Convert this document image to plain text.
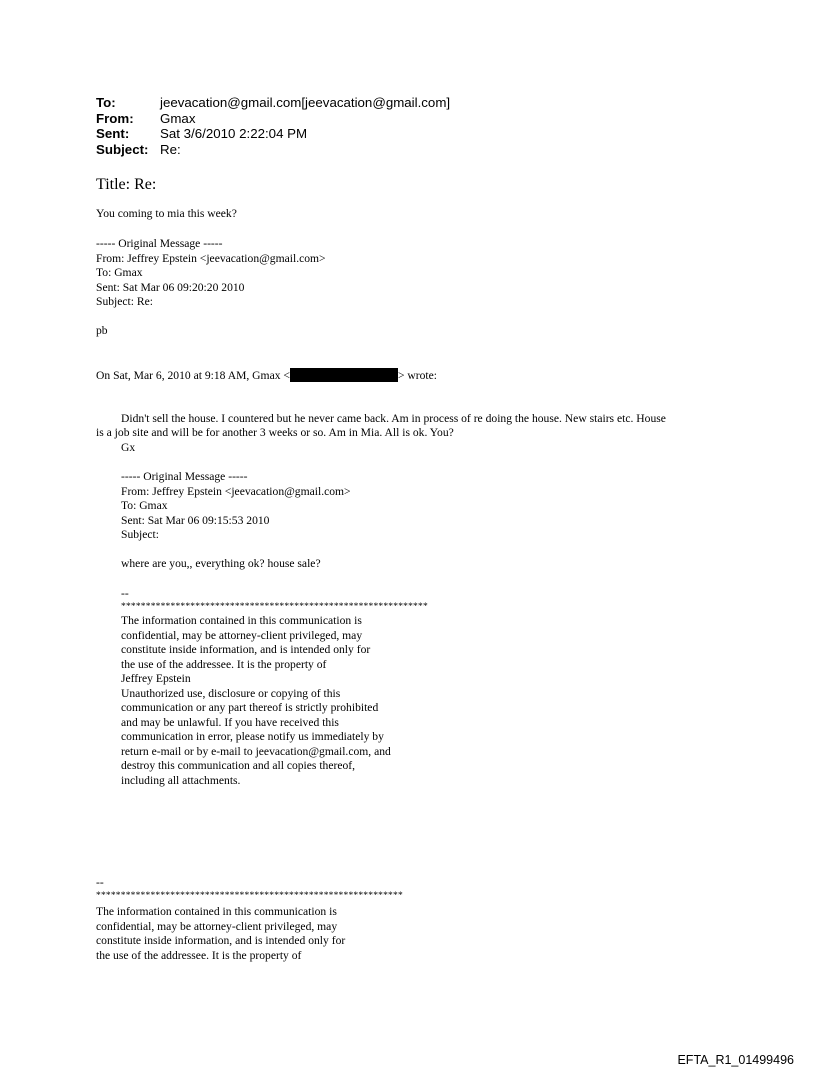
To:	jeevacation@gmail.com[jeevacation@gmail.com]
From:	Gmax
Sent:	Sat 3/6/2010 2:22:04 PM
Subject: Re:
Title: Re:
You coming to mia this week?
----- Original Message -----
From: Jeffrey Epstein <jeevacation@gmail.com>
To: Gmax
Sent: Sat Mar 06 09:20:20 2010
Subject: Re:
pb
On Sat, Mar 6, 2010 at 9:18 AM, Gmax <	> wrote:
Didn't sell the house. I countered but he never came back. Am in process of re doing the house. New stairs etc. House
is a job site and will be for another 3 weeks or so. Am in Mia. All is ok. You?
Gx
----- Original Message -----
From: Jeffrey Epstein <jeevacation@gmail.com>
To: Gmax
Sent: Sat Mar 06 09:15:53 2010
Subject:
where are you,, everything ok? house sale?
--
**************************************************************
The information contained in this communication is
confidential, may be attorney-client privileged, may
constitute inside information, and is intended only for
the use of the addressee. It is the property of
Jeffrey Epstein
Unauthorized use, disclosure or copying of this
communication or any part thereof is strictly prohibited
and may be unlawful. If you have received this
communication in error, please notify us immediately by
return e-mail or by e-mail to jeevacation@gmail.com, and
destroy this communication and all copies thereof,
including all attachments.
--
**************************************************************
The information contained in this communication is
confidential, may be attorney-client privileged, may
constitute inside information, and is intended only for
the use of the addressee. It is the property of
EFTA_R1_01499496
